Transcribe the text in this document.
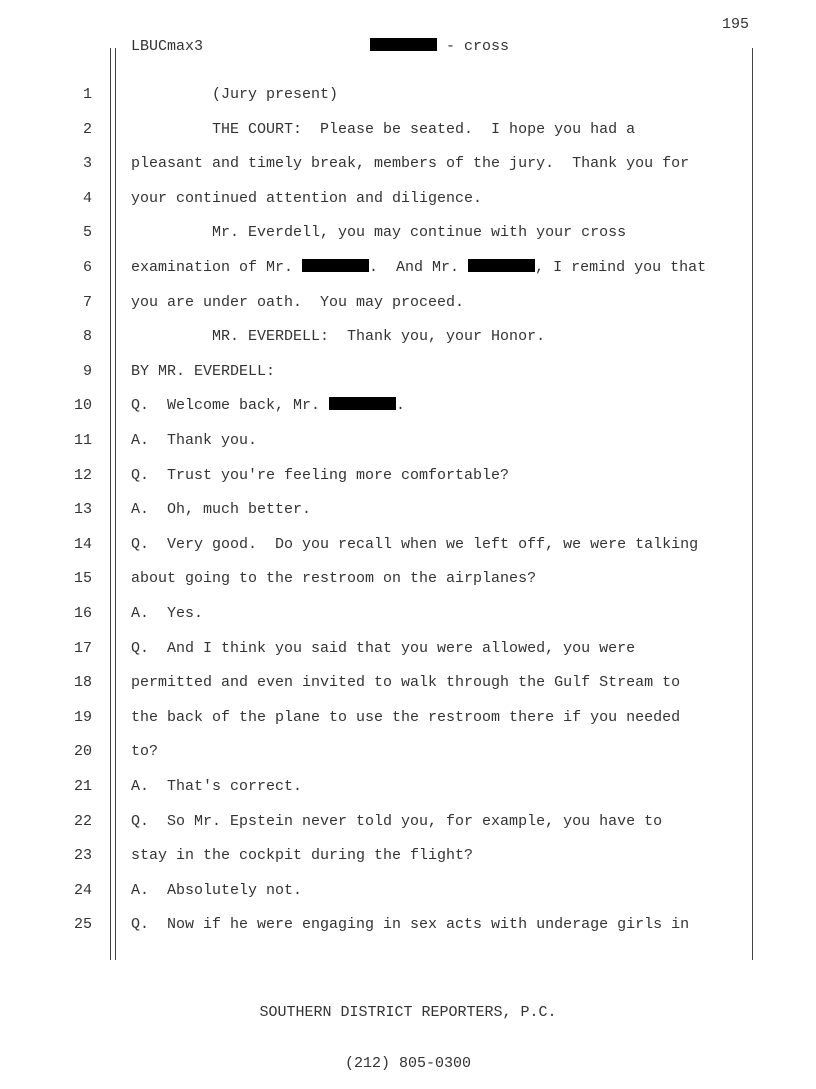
195
LBUCmax3	- cross
1	(Jury present)
2	THE COURT:  Please be seated.  I hope you had a
3	pleasant and timely break, members of the jury.  Thank you for
4	your continued attention and diligence.
5	Mr. Everdell, you may continue with your cross
6	examination of Mr.	.  And Mr.	, I remind you that
7	you are under oath.  You may proceed.
8	MR. EVERDELL:  Thank you, your Honor.
9	BY MR. EVERDELL:
10	Q.  Welcome back, Mr.	.
11	A.  Thank you.
12	Q.  Trust you're feeling more comfortable?
13	A.  Oh, much better.
14	Q.  Very good.  Do you recall when we left off, we were talking
15	about going to the restroom on the airplanes?
16	A.  Yes.
17	Q.  And I think you said that you were allowed, you were
18	permitted and even invited to walk through the Gulf Stream to
19	the back of the plane to use the restroom there if you needed
20	to?
21	A.  That's correct.
22	Q.  So Mr. Epstein never told you, for example, you have to
23	stay in the cockpit during the flight?
24	A.  Absolutely not.
25	Q.  Now if he were engaging in sex acts with underage girls in

SOUTHERN DISTRICT REPORTERS, P.C.

(212) 805-0300
